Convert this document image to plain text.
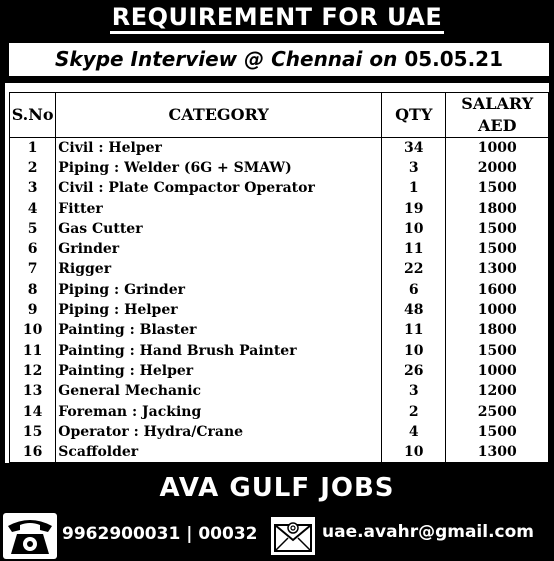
REQUIREMENT FOR UAE
Skype Interview @ Chennai on 05.05.21
S.No	CATEGORY	QTY	SALARY
AED

1	Civil : Helper	34	1000
2	Piping : Welder (6G + SMAW)	3	2000
3	Civil : Plate Compactor Operator	1	1500
4	Fitter	19	1800
5	Gas Cutter	10	1500
6	Grinder	11	1500
7	Rigger	22	1300
8	Piping : Grinder	6	1600
9	Piping : Helper	48	1000
10	Painting : Blaster	11	1800
11	Painting : Hand Brush Painter	10	1500
12	Painting : Helper	26	1000
13	General Mechanic	3	1200
14	Foreman : Jacking	2	2500
15	Operator : Hydra/Crane	4	1500
16	Scaffolder	10	1300
AVA GULF JOBS
9962900031 | 00032	uae.avahr@gmail.com
